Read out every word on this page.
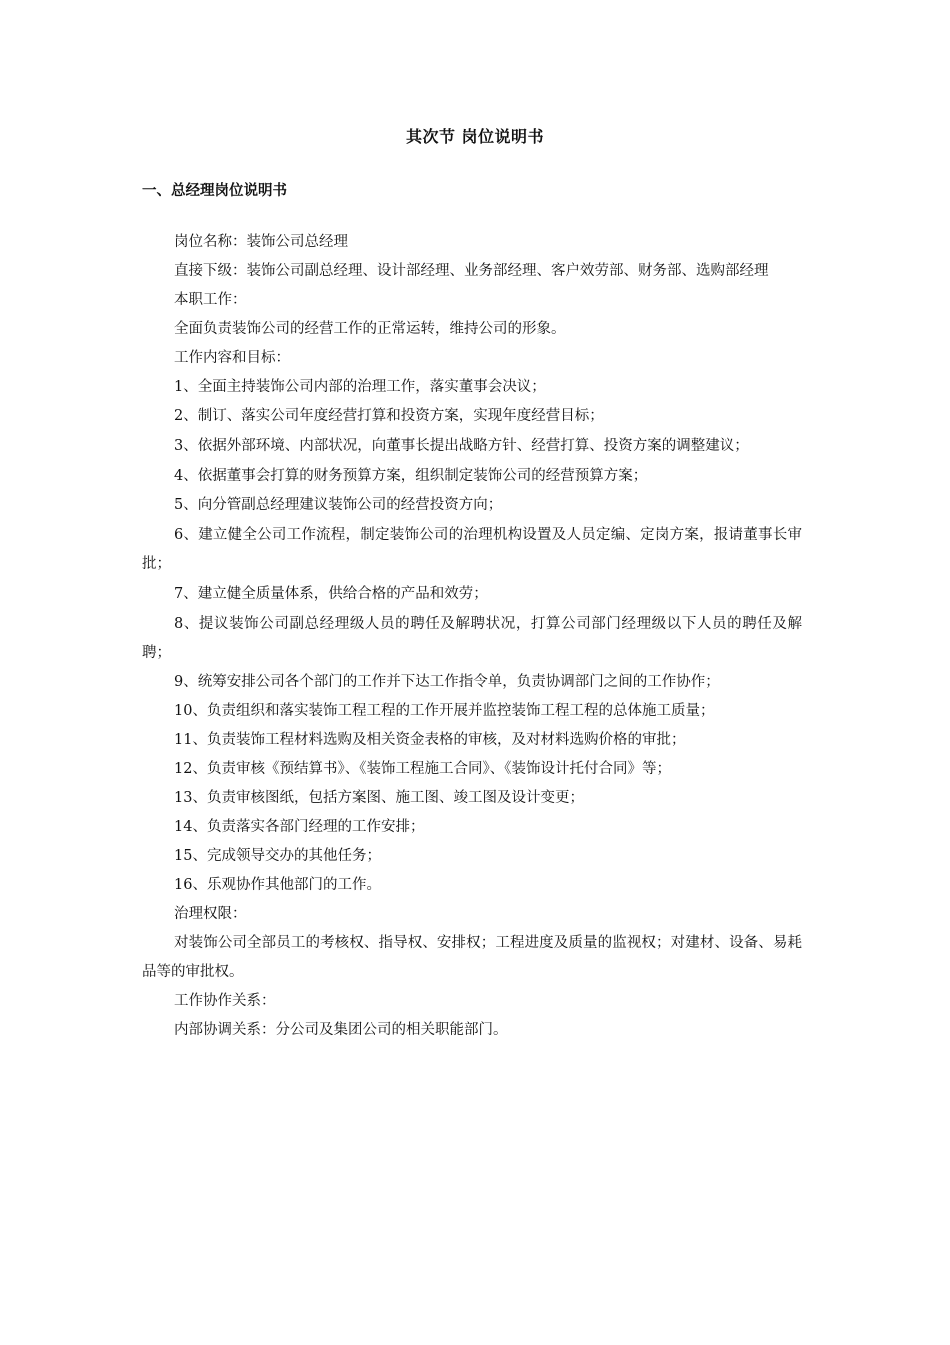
其次节 岗位说明书
一、总经理岗位说明书

岗位名称：装饰公司总经理

直接下级：装饰公司副总经理、设计部经理、业务部经理、客户效劳部、财务部、选购部经理

本职工作：

全面负责装饰公司的经营工作的正常运转，维持公司的形象。

工作内容和目标：

1、全面主持装饰公司内部的治理工作，落实董事会决议；

2、制订、落实公司年度经营打算和投资方案，实现年度经营目标；

3、依据外部环境、内部状况，向董事长提出战略方针、经营打算、投资方案的调整建议；

4、依据董事会打算的财务预算方案，组织制定装饰公司的经营预算方案；

5、向分管副总经理建议装饰公司的经营投资方向；

6、建立健全公司工作流程，制定装饰公司的治理机构设置及人员定编、定岗方案，报请董事长审批；

7、建立健全质量体系，供给合格的产品和效劳；

8、提议装饰公司副总经理级人员的聘任及解聘状况，打算公司部门经理级以下人员的聘任及解聘；

9、统筹安排公司各个部门的工作并下达工作指令单，负责协调部门之间的工作协作；

10、负责组织和落实装饰工程工程的工作开展并监控装饰工程工程的总体施工质量；

11、负责装饰工程材料选购及相关资金表格的审核，及对材料选购价格的审批；

12、负责审核《预结算书》、《装饰工程施工合同》、《装饰设计托付合同》等；

13、负责审核图纸，包括方案图、施工图、竣工图及设计变更；

14、负责落实各部门经理的工作安排；

15、完成领导交办的其他任务；

16、乐观协作其他部门的工作。

治理权限：

对装饰公司全部员工的考核权、指导权、安排权；工程进度及质量的监视权；对建材、设备、易耗品等的审批权。

工作协作关系：

内部协调关系：分公司及集团公司的相关职能部门。
